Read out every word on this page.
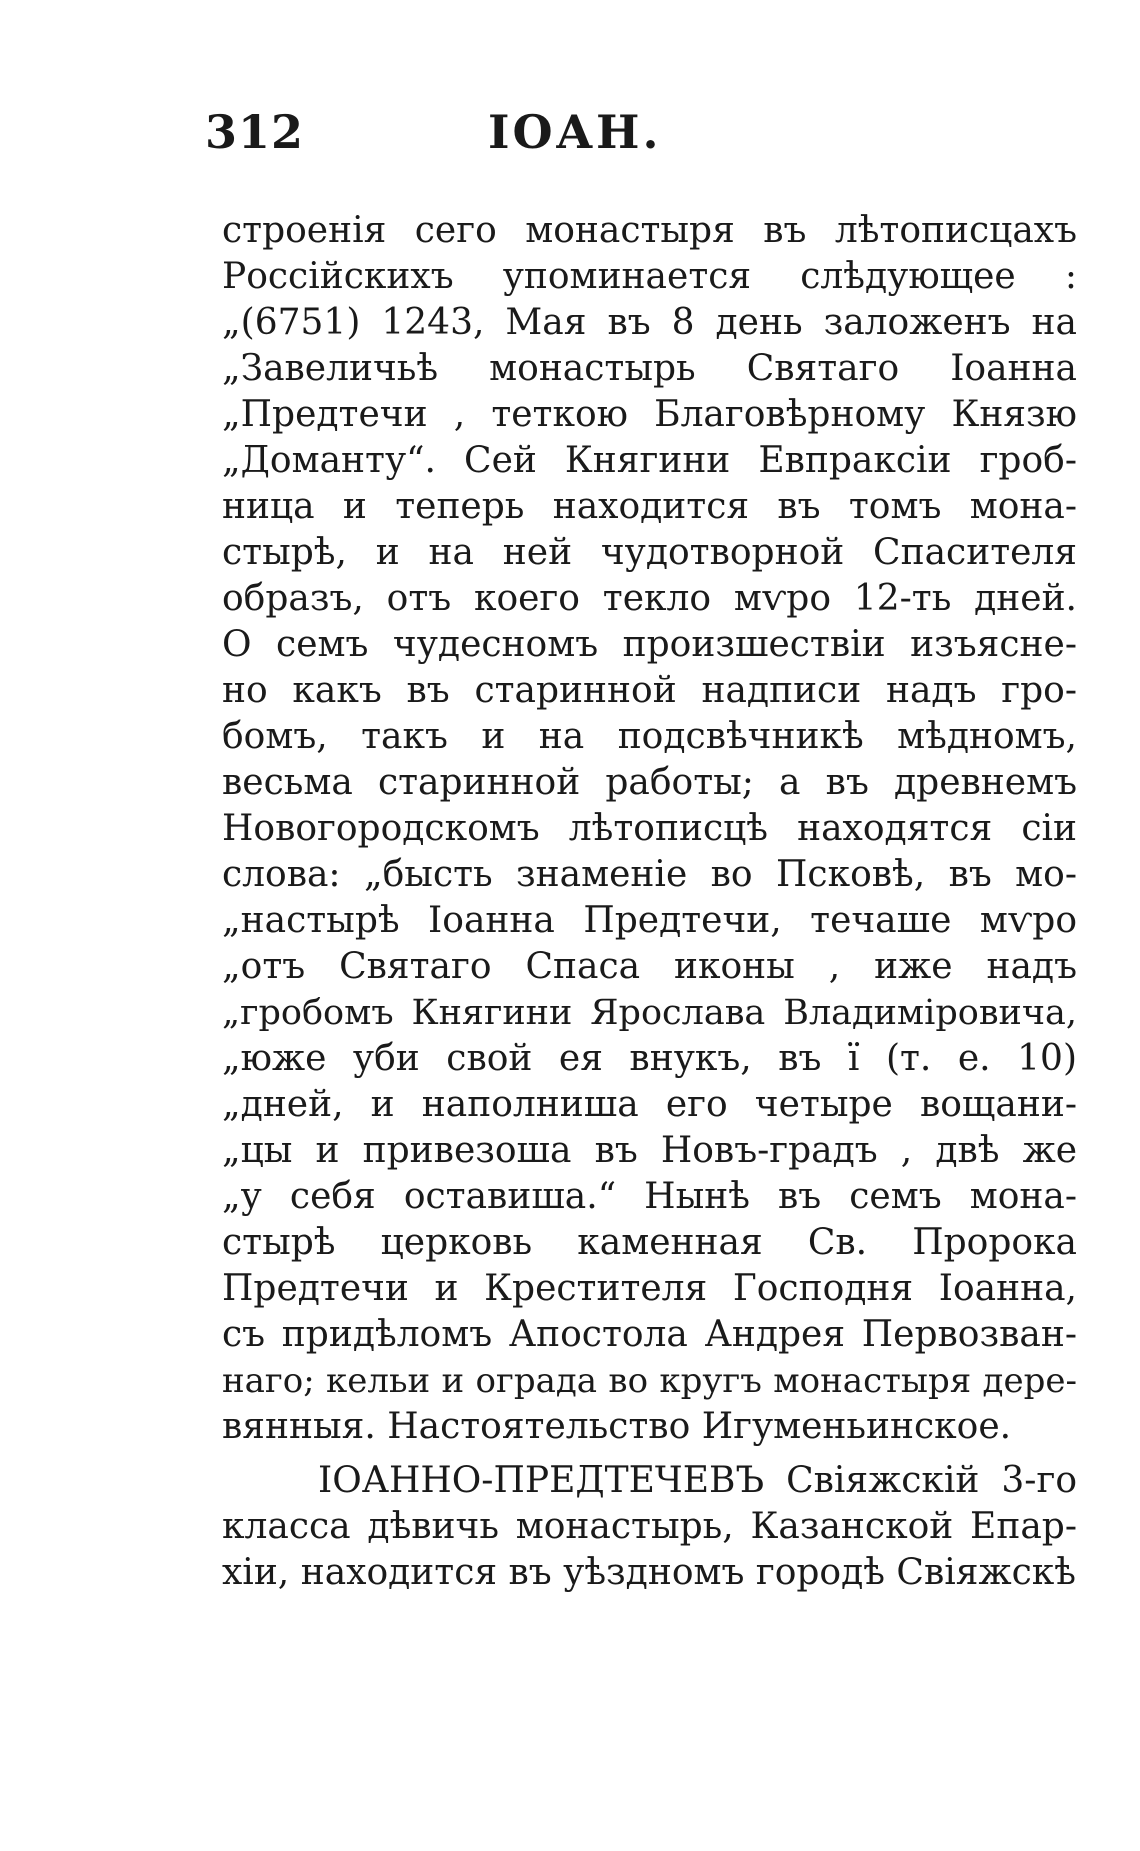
312	ІОАН.
строенія сего монастыря въ лѣтописцахъ
Россійскихъ упоминается слѣдующее :
„(6751) 1243, Мая въ 8 день заложенъ на
„Завеличьѣ монастырь Святаго Іоанна
„Предтечи , теткою Благовѣрному Князю
„Доманту“. Сей Княгини Евпраксіи гроб-
ница и теперь находится въ томъ мона-
стырѣ, и на ней чудотворной Спасителя
образъ, отъ коего текло мѵро 12-ть дней.
О семъ чудесномъ произшествіи изъясне-
но какъ въ старинной надписи надъ гро-
бомъ, такъ и на подсвѣчникѣ мѣдномъ,
весьма старинной работы; а въ древнемъ
Новогородскомъ лѣтописцѣ находятся сіи
слова: „бысть знаменіе во Псковѣ, въ мо-
„настырѣ Іоанна Предтечи, течаше мѵро
„отъ Святаго Спаса иконы , иже надъ
„гробомъ Княгини Ярослава Владиміровича,
„юже уби свой ея внукъ, въ ї (т. е. 10)
„дней, и наполниша его четыре вощани-
„цы и привезоша въ Новъ-градъ , двѣ же
„у себя оставиша.“ Нынѣ въ семъ мона-
стырѣ церковь каменная Св. Пророка
Предтечи и Крестителя Господня Іоанна,
съ придѣломъ Апостола Андрея Первозван-
наго; кельи и ограда во кругъ монастыря дере-
вянныя. Настоятельство Игуменьинское.
ІОАННО-ПРЕДТЕЧЕВЪ Свіяжскій 3-го
класса дѣвичь монастырь, Казанской Епар-
хіи, находится въ уѣздномъ городѣ Свіяжскѣ
